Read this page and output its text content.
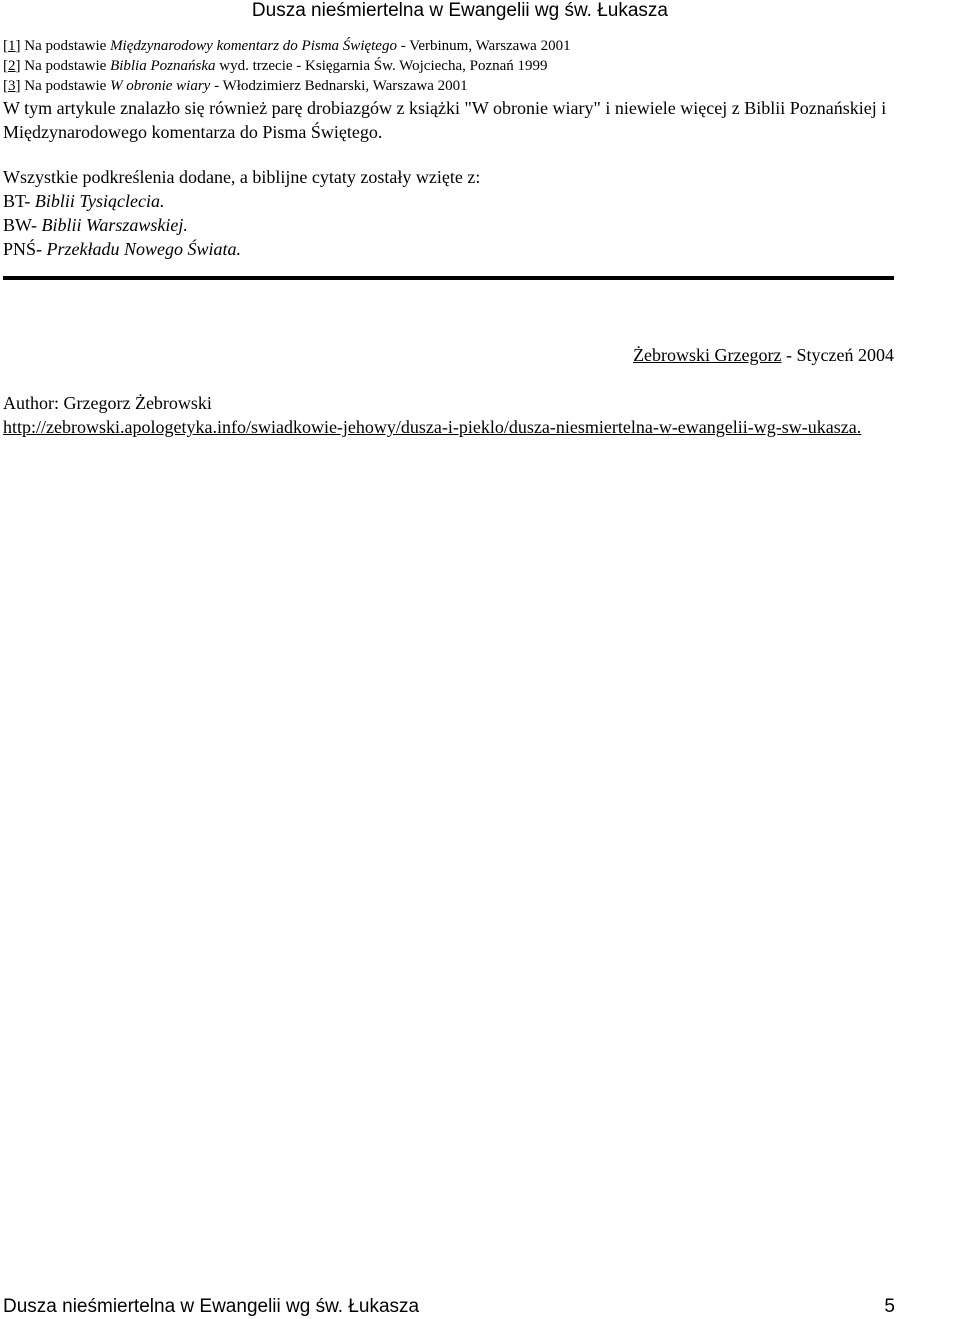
Dusza nieśmiertelna w Ewangelii wg św. Łukasza

[1] Na podstawie Międzynarodowy komentarz do Pisma Świętego - Verbinum, Warszawa 2001

[2] Na podstawie Biblia Poznańska wyd. trzecie - Księgarnia Św. Wojciecha, Poznań 1999

[3] Na podstawie W obronie wiary - Włodzimierz Bednarski, Warszawa 2001

W tym artykule znalazło się również parę drobiazgów z książki "W obronie wiary" i niewiele więcej z Biblii Poznańskiej i Międzynarodowego komentarza do Pisma Świętego.

Wszystkie podkreślenia dodane, a biblijne cytaty zostały wzięte z:

BT- Biblii Tysiąclecia.

BW- Biblii Warszawskiej.

PNŚ- Przekładu Nowego Świata.

Żebrowski Grzegorz - Styczeń 2004
Author: Grzegorz Żebrowski
http://zebrowski.apologetyka.info/swiadkowie-jehowy/dusza-i-pieklo/dusza-niesmiertelna-w-ewangelii-wg-sw-ukasza.
Dusza nieśmiertelna w Ewangelii wg św. Łukasza	5
